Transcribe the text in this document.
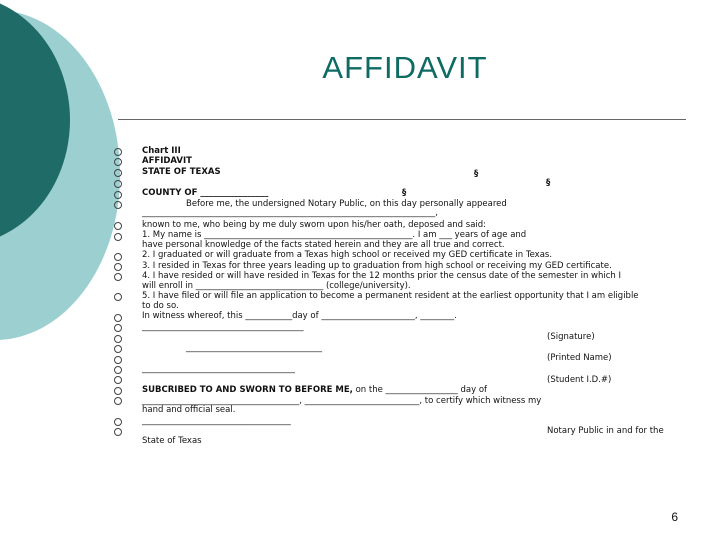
AFFIDAVIT
Chart III
AFFIDAVIT
STATE OF TEXAS	§
§
COUNTY OF ________________	§
Before me, the undersigned Notary Public, on this day personally appeared
_____________________________________________________________________,
known to me, who being by me duly sworn upon his/her oath, deposed and said:
1. My name is _________________________________________________. I am ___ years of age and
have personal knowledge of the facts stated herein and they are all true and correct.
2. I graduated or will graduate from a Texas high school or received my GED certificate in Texas.
3. I resided in Texas for three years leading up to graduation from high school or receiving my GED certificate.
4. I have resided or will have resided in Texas for the 12 months prior the census date of the semester in which I
will enroll in ______________________________ (college/university).
5. I have filed or will file an application to become a permanent resident at the earliest opportunity that I am eligible
to do so.
In witness whereof, this ___________day of ______________________, ________.
______________________________________
(Signature)
________________________________
(Printed Name)
____________________________________
(Student I.D.#)
SUBCRIBED TO AND SWORN TO BEFORE ME, on the _________________ day of
_____________________________________, ___________________________, to certify which witness my
hand and official seal.
___________________________________
Notary Public in and for the
State of Texas
6
